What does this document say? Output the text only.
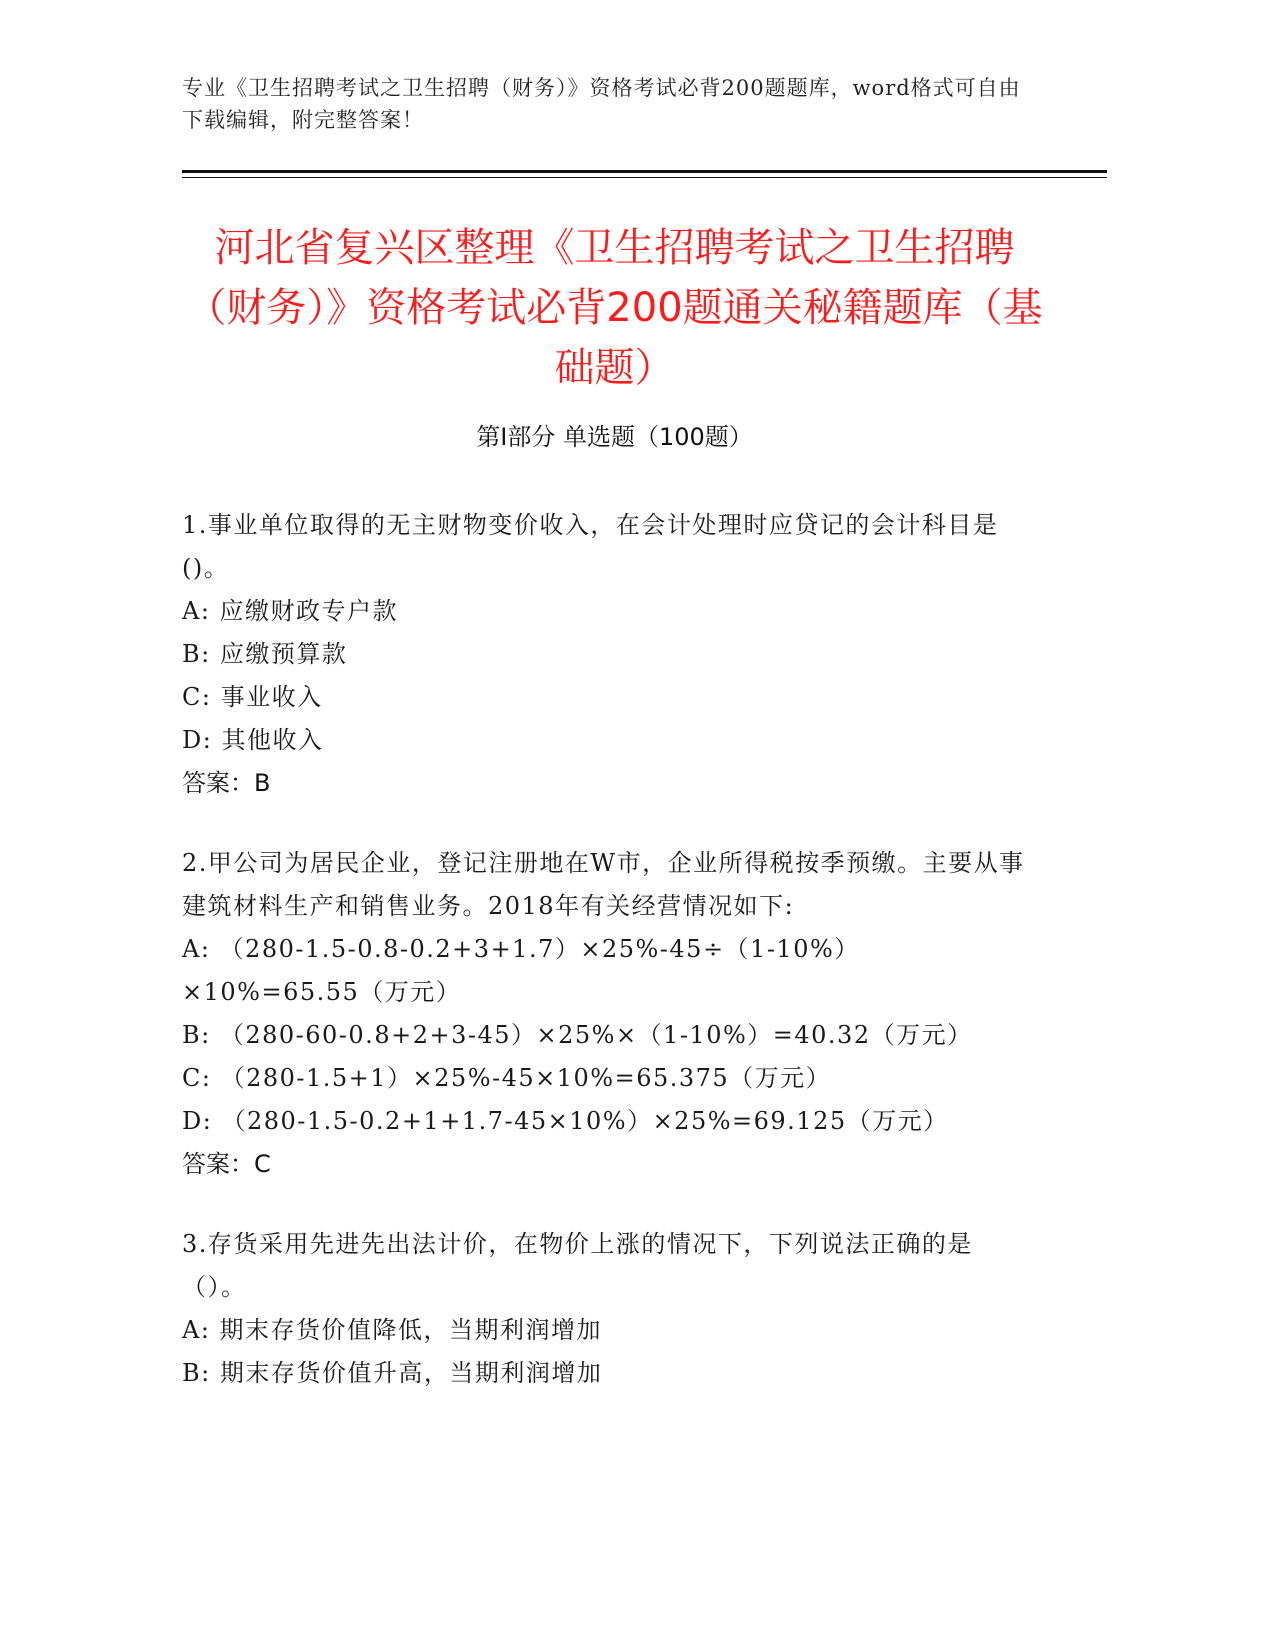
专业《卫生招聘考试之卫生招聘（财务）》资格考试必背200题题库，word格式可自由下载编辑，附完整答案！
河北省复兴区整理《卫生招聘考试之卫生招聘（财务）》资格考试必背200题通关秘籍题库（基础题）
第I部分 单选题（100题）

1.事业单位取得的无主财物变价收入，在会计处理时应贷记的会计科目是()。

A: 应缴财政专户款

B: 应缴预算款

C: 事业收入

D: 其他收入

答案：B

2.甲公司为居民企业，登记注册地在W市，企业所得税按季预缴。主要从事建筑材料生产和销售业务。2018年有关经营情况如下:

A: （280-1.5-0.8-0.2+3+1.7）×25%-45÷（1-10%）×10%=65.55（万元）

B: （280-60-0.8+2+3-45）×25%×（1-10%）=40.32（万元）

C: （280-1.5+1）×25%-45×10%=65.375（万元）

D: （280-1.5-0.2+1+1.7-45×10%）×25%=69.125（万元）

答案：C

3.存货采用先进先出法计价，在物价上涨的情况下，下列说法正确的是（）。

A: 期末存货价值降低，当期利润增加

B: 期末存货价值升高，当期利润增加
